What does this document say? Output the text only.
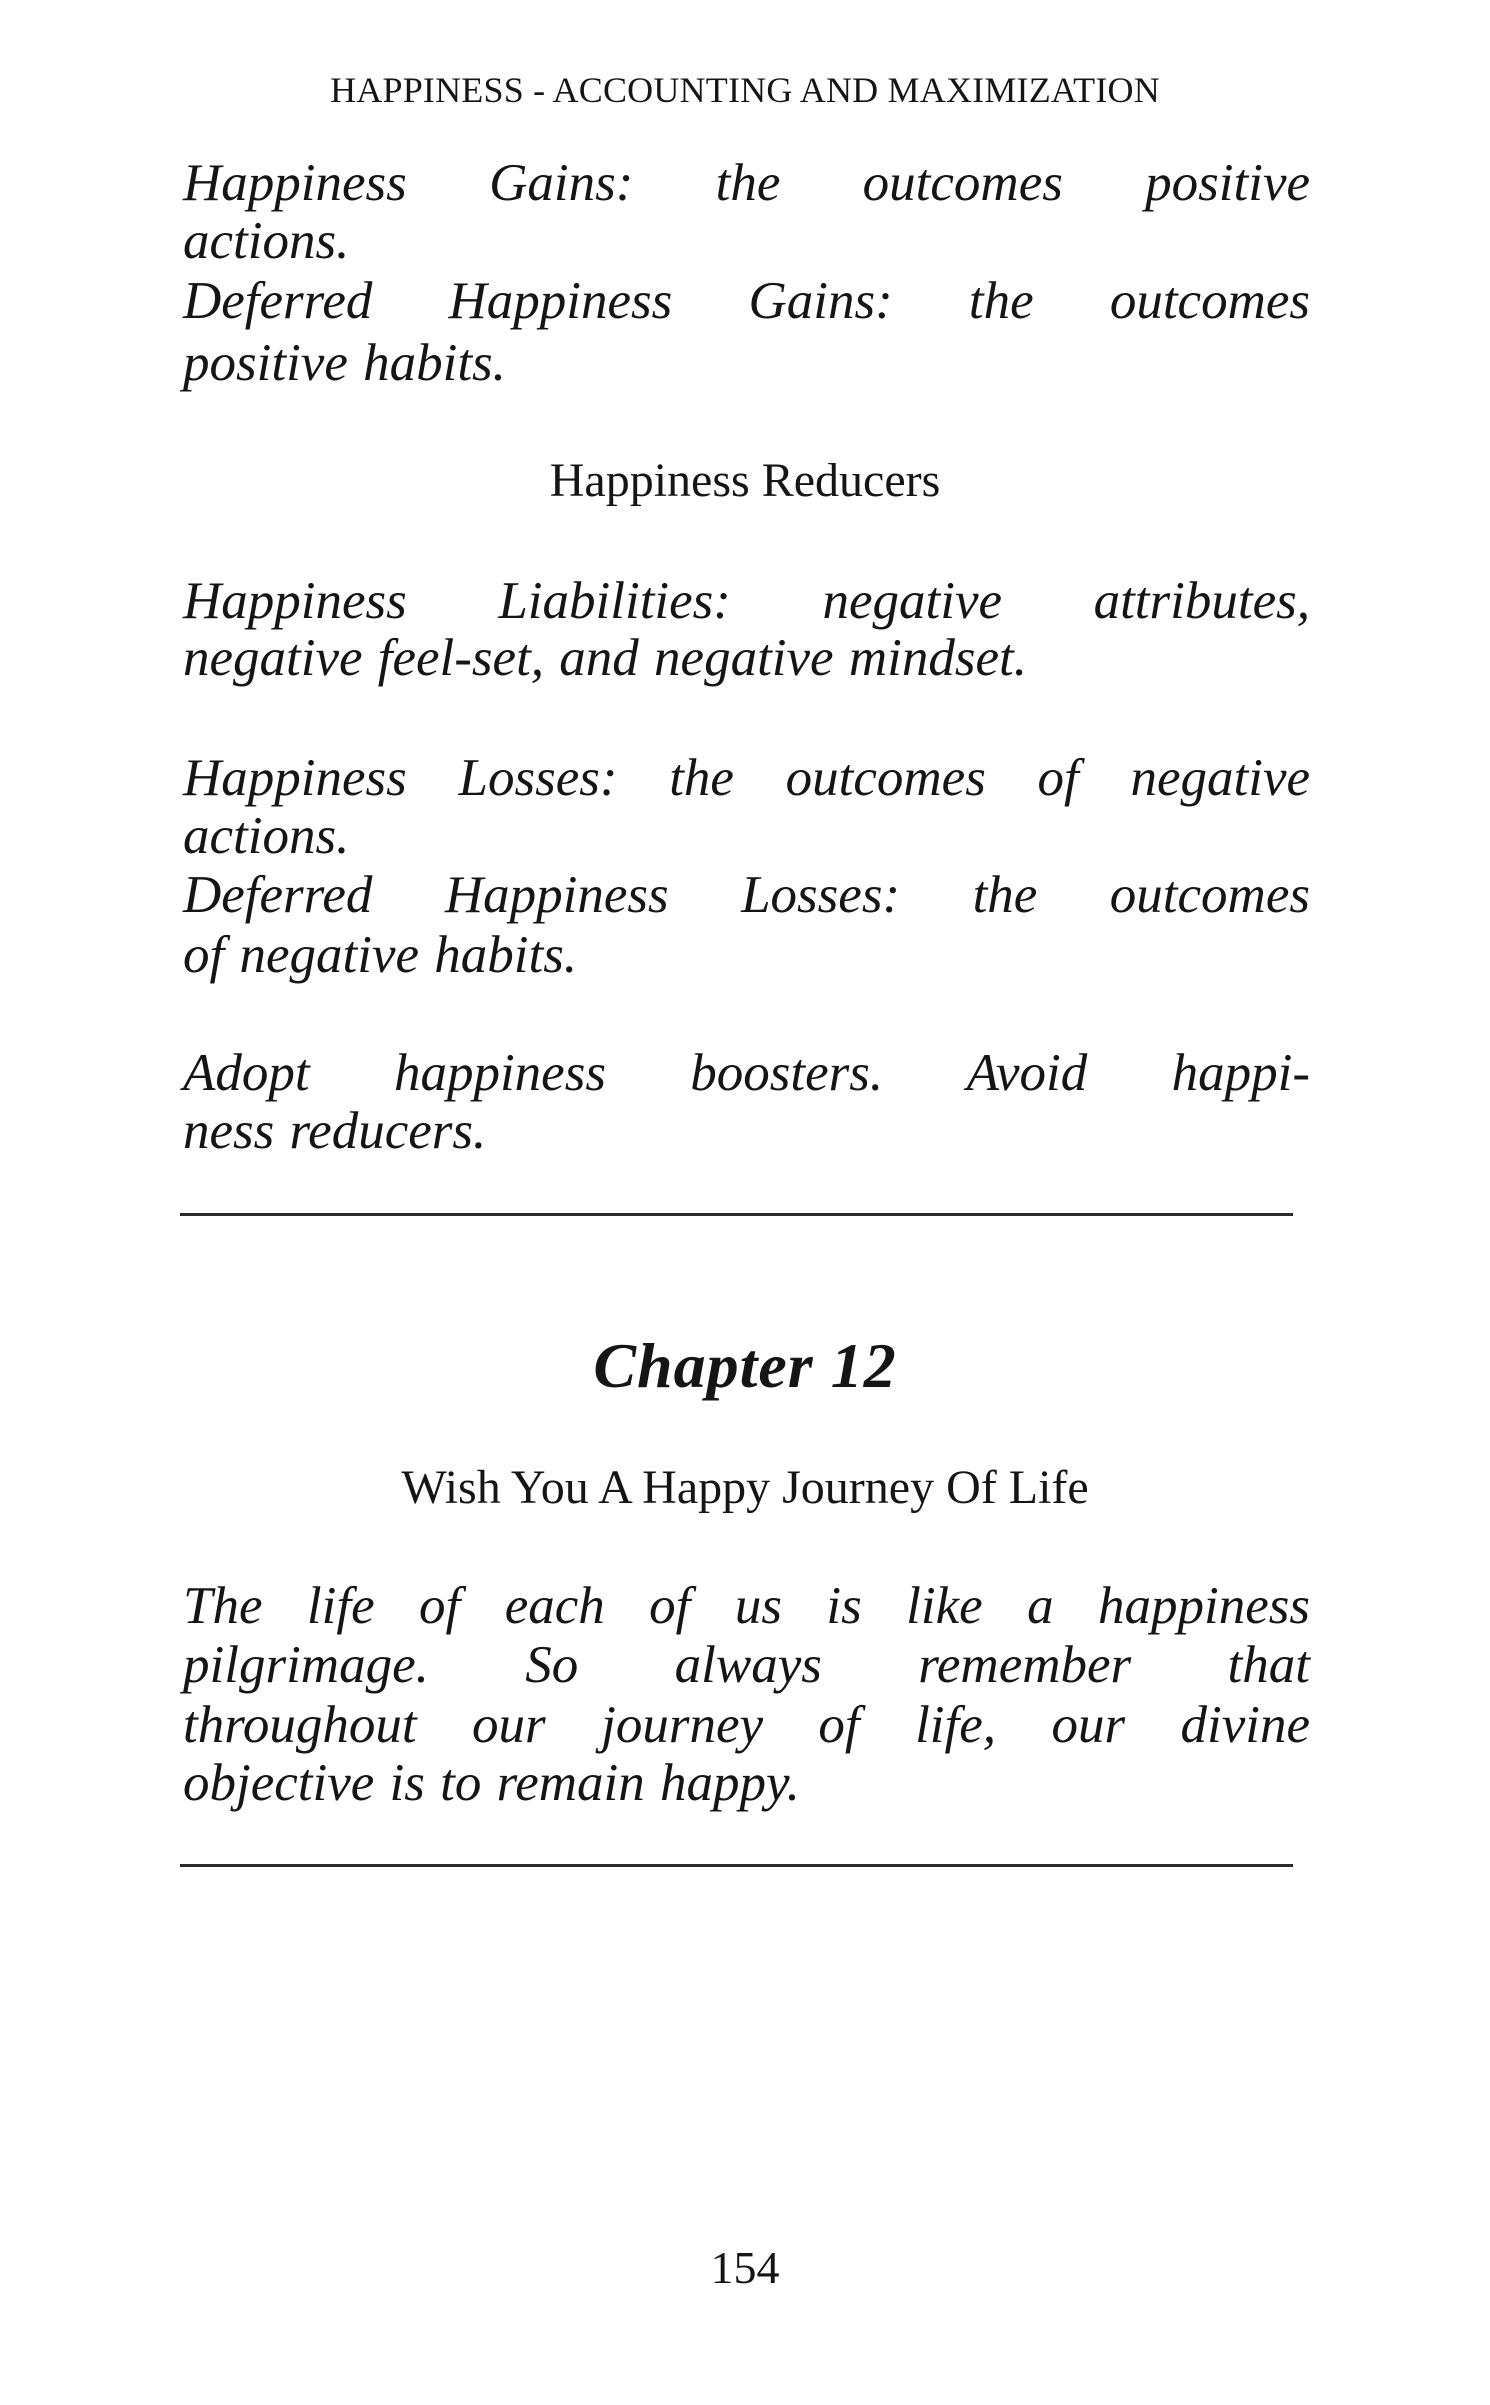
HAPPINESS - ACCOUNTING AND MAXIMIZATION
Happiness Gains: the outcomes positive
actions.
Deferred Happiness Gains: the outcomes
positive habits.
Happiness Reducers
Happiness Liabilities: negative attributes,
negative feel-set, and negative mindset.
Happiness Losses: the outcomes of negative
actions.
Deferred Happiness Losses: the outcomes
of negative habits.
Adopt happiness boosters. Avoid happi-
ness reducers.
Chapter 12
Wish You A Happy Journey Of Life
The life of each of us is like a happiness
pilgrimage. So always remember that
throughout our journey of life, our divine
objective is to remain happy.
154
